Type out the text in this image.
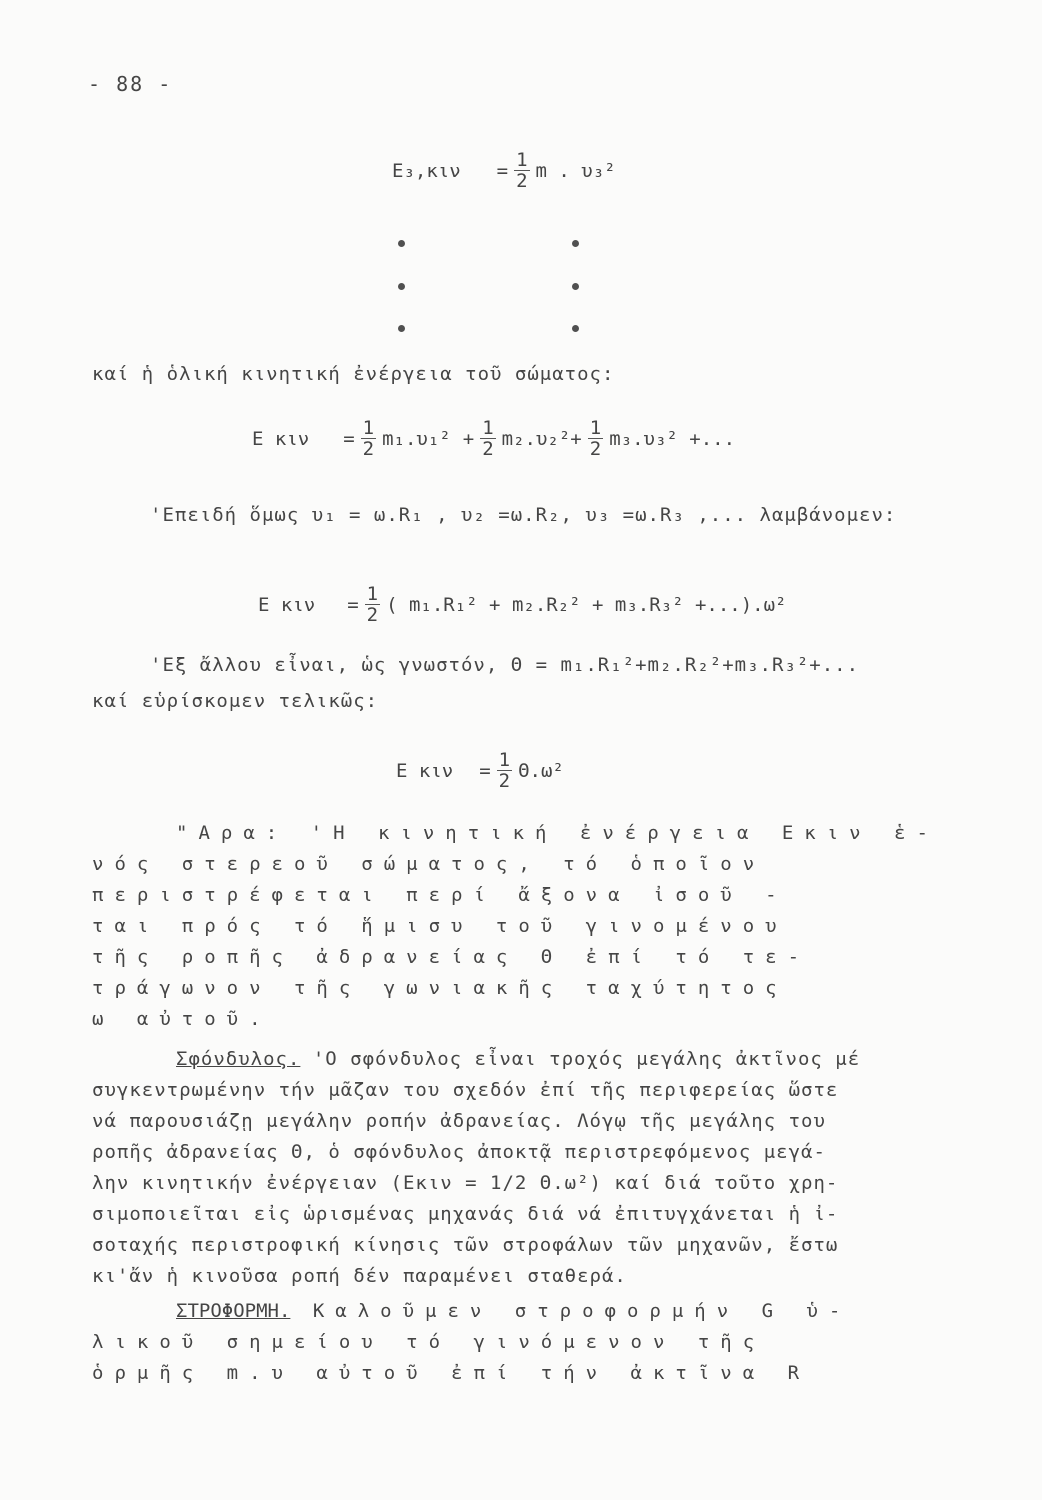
- 88 -
$E_3,\kappa\iota\nu = \frac{1}{2}$ m . υ₃²
καί ἡ ὁλική κινητική ἐνέργεια τοῦ σώματος:
E $\kappa\iota\nu = \frac{1}{2} m_1.\upsilon_1^2 + \frac{1}{2} m_2.\upsilon_2^2+ \frac{1}{2} m_3.\upsilon_3^2$ +...
'Επειδή ὅμως υ₁ = ω.R₁ , υ₂ =ω.R₂, υ₃ =ω.R₃ ,... λαμβάνομεν:
E $\kappa\iota\nu = \frac{1}{2}$ ( m₁.R₁² + m₂.R₂² + m₃.R₃² +...).ω²
'Εξ ἄλλου εἶναι, ὡς γνωστόν, Θ = m₁.R₁²+m₂.R₂²+m₃.R₃²+...
καί εὑρίσκομεν τελικῶς:
E $\kappa\iota\nu = \frac{1}{2} \Theta.\omega^2$
"Αρα: 'Η κινητική ἐνέργεια Eκιν ἑ-
νός στερεοῦ σώματος, τό ὁποῖον
περιστρέφεται περί ἄξονα ἰσοῦ -
ται πρός τό ἥμισυ τοῦ γινομένου
τῆς ροπῆς ἀδρανείας Θ ἐπί τό τε-
τράγωνον τῆς γωνιακῆς ταχύτητος
ω αὐτοῦ.
Σφόνδυλος. 'Ο σφόνδυλος εἶναι τροχός μεγάλης ἀκτῖνος μέ
συγκεντρωμένην τήν μᾶζαν του σχεδόν ἐπί τῆς περιφερείας ὥστε
νά παρουσιάζῃ μεγάλην ροπήν ἀδρανείας. Λόγῳ τῆς μεγάλης του
ροπῆς ἀδρανείας Θ, ὁ σφόνδυλος ἀποκτᾷ περιστρεφόμενος μεγά-
λην κινητικήν ἐνέργειαν (Eκιν = 1/2 Θ.ω²) καί διά τοῦτο χρη-
σιμοποιεῖται εἰς ὡρισμένας μηχανάς διά νά ἐπιτυγχάνεται ἡ ἰ-
σοταχής περιστροφική κίνησις τῶν στροφάλων τῶν μηχανῶν, ἔστω
κι'ἄν ἡ κινοῦσα ροπή δέν παραμένει σταθερά.
ΣΤΡΟΦΟΡΜΗ. Καλοῦμεν στροφορμήν G ὑ-
λικοῦ σημείου τό γινόμενον τῆς
ὁρμῆς m.υ αὐτοῦ ἐπί τήν ἀκτῖνα R
